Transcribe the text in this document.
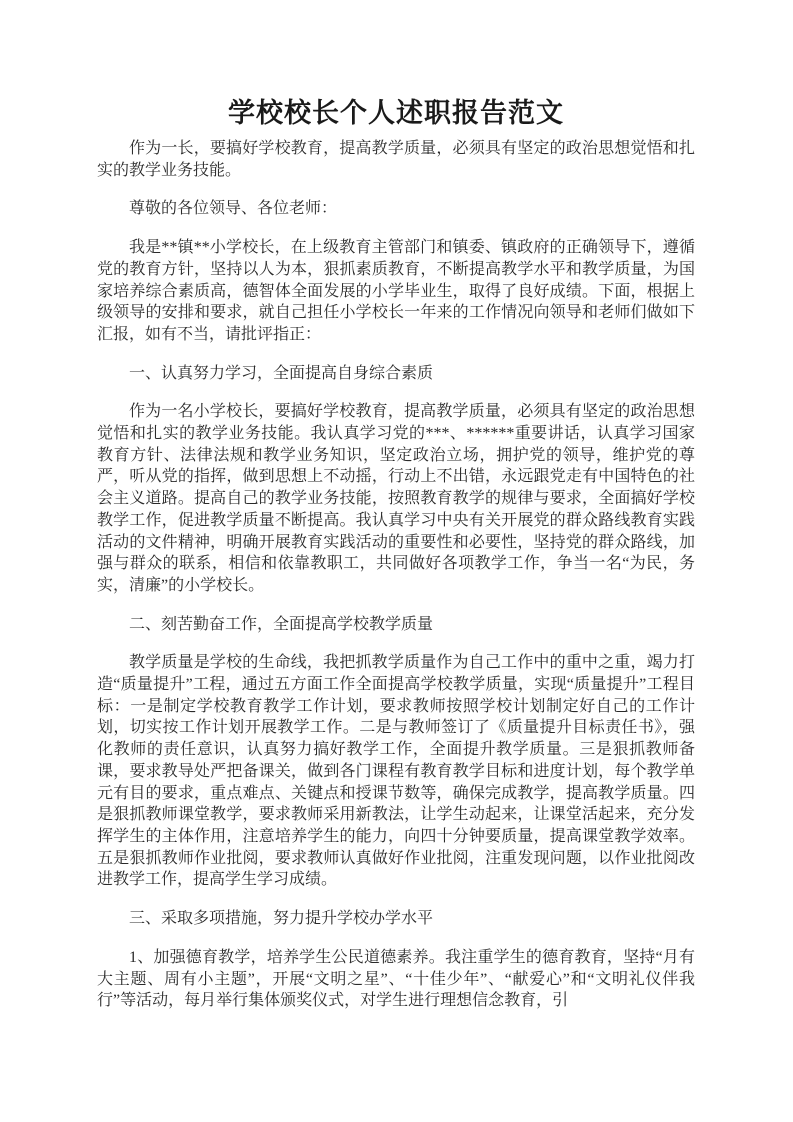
学校校长个人述职报告范文

作为一长，要搞好学校教育，提高教学质量，必须具有坚定的政治思想觉悟和扎实的教学业务技能。

尊敬的各位领导、各位老师：

我是**镇**小学校长，在上级教育主管部门和镇委、镇政府的正确领导下，遵循党的教育方针，坚持以人为本，狠抓素质教育，不断提高教学水平和教学质量，为国家培养综合素质高，德智体全面发展的小学毕业生，取得了良好成绩。下面，根据上级领导的安排和要求，就自己担任小学校长一年来的工作情况向领导和老师们做如下汇报，如有不当，请批评指正：

一、认真努力学习，全面提高自身综合素质

作为一名小学校长，要搞好学校教育，提高教学质量，必须具有坚定的政治思想觉悟和扎实的教学业务技能。我认真学习党的***、******重要讲话，认真学习国家教育方针、法律法规和教学业务知识，坚定政治立场，拥护党的领导，维护党的尊严，听从党的指挥，做到思想上不动摇，行动上不出错，永远跟党走有中国特色的社会主义道路。提高自己的教学业务技能，按照教育教学的规律与要求，全面搞好学校教学工作，促进教学质量不断提高。我认真学习中央有关开展党的群众路线教育实践活动的文件精神，明确开展教育实践活动的重要性和必要性，坚持党的群众路线，加强与群众的联系，相信和依靠教职工，共同做好各项教学工作，争当一名“为民，务实，清廉”的小学校长。

二、刻苦勤奋工作，全面提高学校教学质量

教学质量是学校的生命线，我把抓教学质量作为自己工作中的重中之重，竭力打造“质量提升”工程，通过五方面工作全面提高学校教学质量，实现“质量提升”工程目标：一是制定学校教育教学工作计划，要求教师按照学校计划制定好自己的工作计划，切实按工作计划开展教学工作。二是与教师签订了《质量提升目标责任书》，强化教师的责任意识，认真努力搞好教学工作，全面提升教学质量。三是狠抓教师备课，要求教导处严把备课关，做到各门课程有教育教学目标和进度计划，每个教学单元有目的要求，重点难点、关键点和授课节数等，确保完成教学，提高教学质量。四是狠抓教师课堂教学，要求教师采用新教法，让学生动起来，让课堂活起来，充分发挥学生的主体作用，注意培养学生的能力，向四十分钟要质量，提高课堂教学效率。五是狠抓教师作业批阅，要求教师认真做好作业批阅，注重发现问题，以作业批阅改进教学工作，提高学生学习成绩。

三、采取多项措施，努力提升学校办学水平

1、加强德育教学，培养学生公民道德素养。我注重学生的德育教育，坚持“月有大主题、周有小主题”，开展“文明之星”、“十佳少年”、“献爱心”和“文明礼仪伴我行”等活动，每月举行集体颁奖仪式，对学生进行理想信念教育，引
